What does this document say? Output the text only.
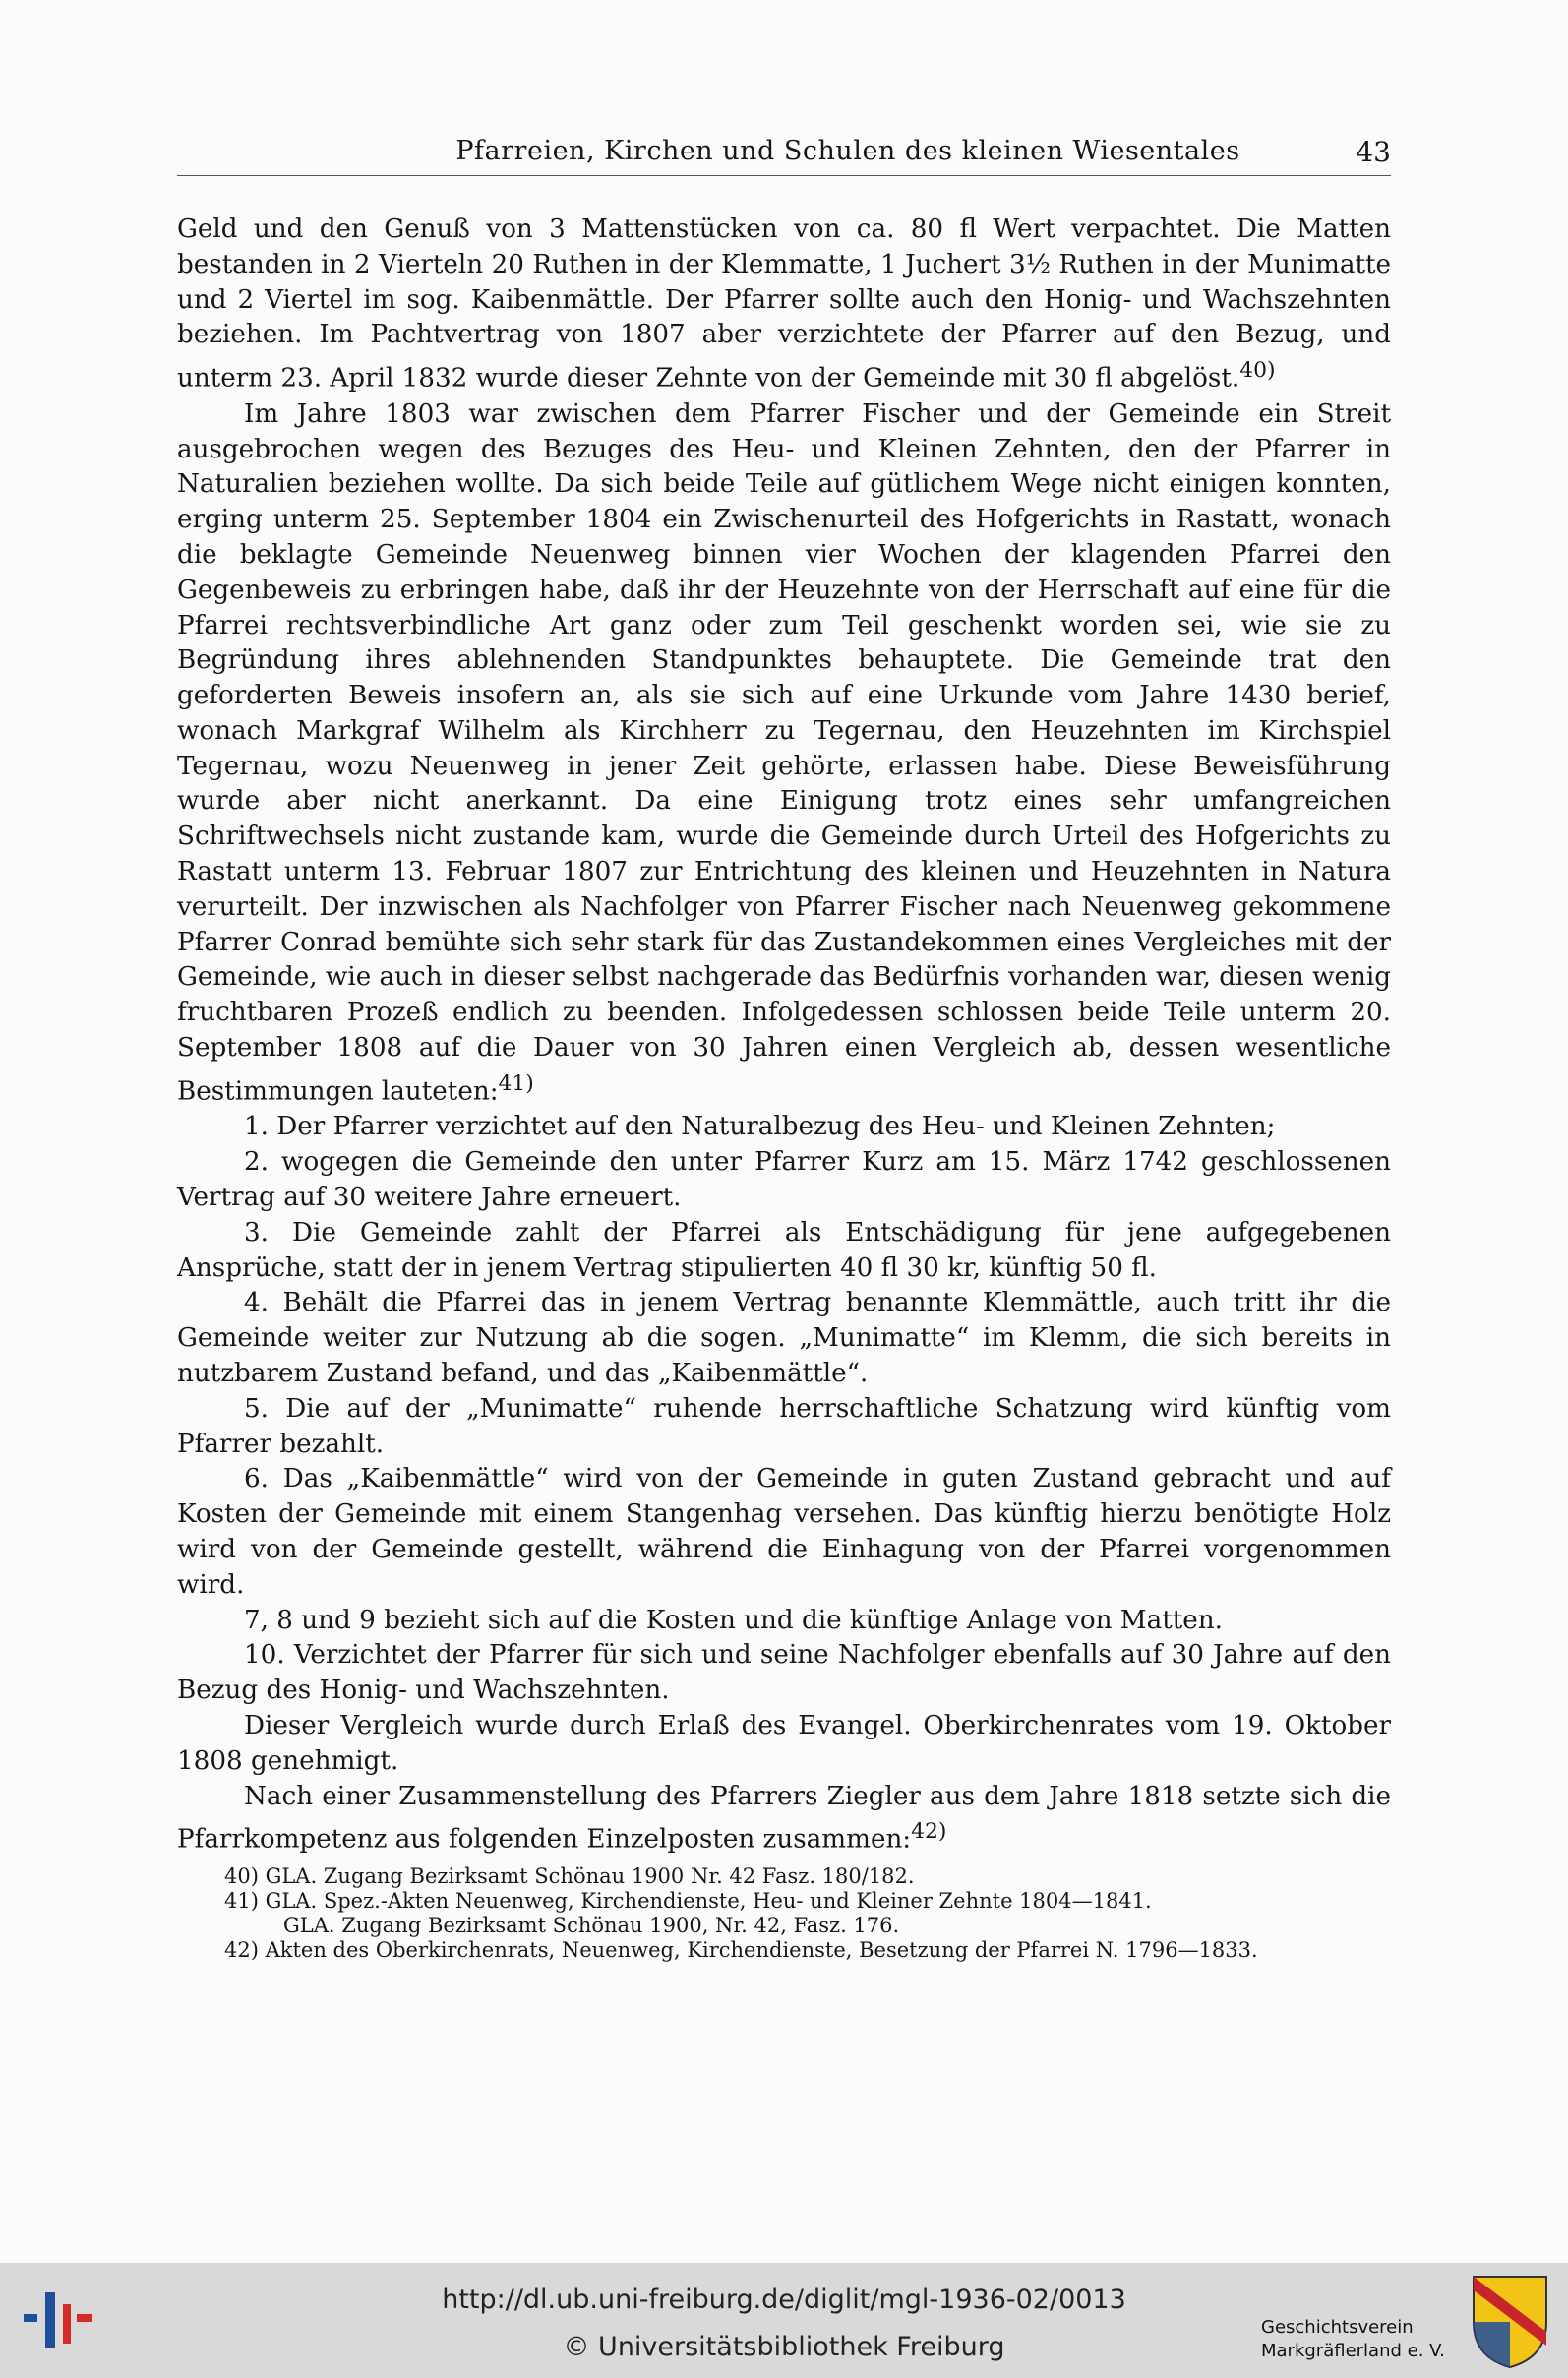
Pfarreien, Kirchen und Schulen des kleinen Wiesentales	43

Geld und den Genuß von 3 Mattenstücken von ca. 80 fl Wert verpachtet. Die Matten bestanden in 2 Vierteln 20 Ruthen in der Klemmatte, 1 Juchert 3½ Ruthen in der Munimatte und 2 Viertel im sog. Kaibenmättle. Der Pfarrer sollte auch den Honig- und Wachszehnten beziehen. Im Pachtvertrag von 1807 aber verzichtete der Pfarrer auf den Bezug, und unterm 23. April 1832 wurde dieser Zehnte von der Gemeinde mit 30 fl abgelöst.$^{40)}$

Im Jahre 1803 war zwischen dem Pfarrer Fischer und der Gemeinde ein Streit ausgebrochen wegen des Bezuges des Heu- und Kleinen Zehnten, den der Pfarrer in Naturalien beziehen wollte. Da sich beide Teile auf gütlichem Wege nicht einigen konnten, erging unterm 25. September 1804 ein Zwischenurteil des Hofgerichts in Rastatt, wonach die beklagte Gemeinde Neuenweg binnen vier Wochen der klagenden Pfarrei den Gegenbeweis zu erbringen habe, daß ihr der Heuzehnte von der Herrschaft auf eine für die Pfarrei rechtsverbindliche Art ganz oder zum Teil geschenkt worden sei, wie sie zu Begründung ihres ablehnenden Standpunktes behauptete. Die Gemeinde trat den geforderten Beweis insofern an, als sie sich auf eine Urkunde vom Jahre 1430 berief, wonach Markgraf Wilhelm als Kirchherr zu Tegernau, den Heuzehnten im Kirchspiel Tegernau, wozu Neuenweg in jener Zeit gehörte, erlassen habe. Diese Beweisführung wurde aber nicht anerkannt. Da eine Einigung trotz eines sehr umfangreichen Schriftwechsels nicht zustande kam, wurde die Gemeinde durch Urteil des Hofgerichts zu Rastatt unterm 13. Februar 1807 zur Entrichtung des kleinen und Heuzehnten in Natura verurteilt. Der inzwischen als Nachfolger von Pfarrer Fischer nach Neuenweg gekommene Pfarrer Conrad bemühte sich sehr stark für das Zustandekommen eines Vergleiches mit der Gemeinde, wie auch in dieser selbst nachgerade das Bedürfnis vorhanden war, diesen wenig fruchtbaren Prozeß endlich zu beenden. Infolgedessen schlossen beide Teile unterm 20. September 1808 auf die Dauer von 30 Jahren einen Vergleich ab, dessen wesentliche Bestimmungen lauteten:$^{41)}$

1. Der Pfarrer verzichtet auf den Naturalbezug des Heu- und Kleinen Zehnten;

2. wogegen die Gemeinde den unter Pfarrer Kurz am 15. März 1742 geschlossenen Vertrag auf 30 weitere Jahre erneuert.

3. Die Gemeinde zahlt der Pfarrei als Entschädigung für jene aufgegebenen Ansprüche, statt der in jenem Vertrag stipulierten 40 fl 30 kr, künftig 50 fl.

4. Behält die Pfarrei das in jenem Vertrag benannte Klemmättle, auch tritt ihr die Gemeinde weiter zur Nutzung ab die sogen. „Munimatte“ im Klemm, die sich bereits in nutzbarem Zustand befand, und das „Kaibenmättle“.

5. Die auf der „Munimatte“ ruhende herrschaftliche Schatzung wird künftig vom Pfarrer bezahlt.

6. Das „Kaibenmättle“ wird von der Gemeinde in guten Zustand gebracht und auf Kosten der Gemeinde mit einem Stangenhag versehen. Das künftig hierzu benötigte Holz wird von der Gemeinde gestellt, während die Einhagung von der Pfarrei vorgenommen wird.

7, 8 und 9 bezieht sich auf die Kosten und die künftige Anlage von Matten.

10. Verzichtet der Pfarrer für sich und seine Nachfolger ebenfalls auf 30 Jahre auf den Bezug des Honig- und Wachszehnten.

Dieser Vergleich wurde durch Erlaß des Evangel. Oberkirchenrates vom 19. Oktober 1808 genehmigt.

Nach einer Zusammenstellung des Pfarrers Ziegler aus dem Jahre 1818 setzte sich die Pfarrkompetenz aus folgenden Einzelposten zusammen:$^{42)}$

40) GLA. Zugang Bezirksamt Schönau 1900 Nr. 42 Fasz. 180/182.

41) GLA. Spez.-Akten Neuenweg, Kirchendienste, Heu- und Kleiner Zehnte 1804—1841.

GLA. Zugang Bezirksamt Schönau 1900, Nr. 42, Fasz. 176.

42) Akten des Oberkirchenrats, Neuenweg, Kirchendienste, Besetzung der Pfarrei N. 1796—1833.

http://dl.ub.uni-freiburg.de/diglit/mgl-1936-02/0013
© Universitätsbibliothek Freiburg
Geschichtsverein
Markgräflerland e. V.
